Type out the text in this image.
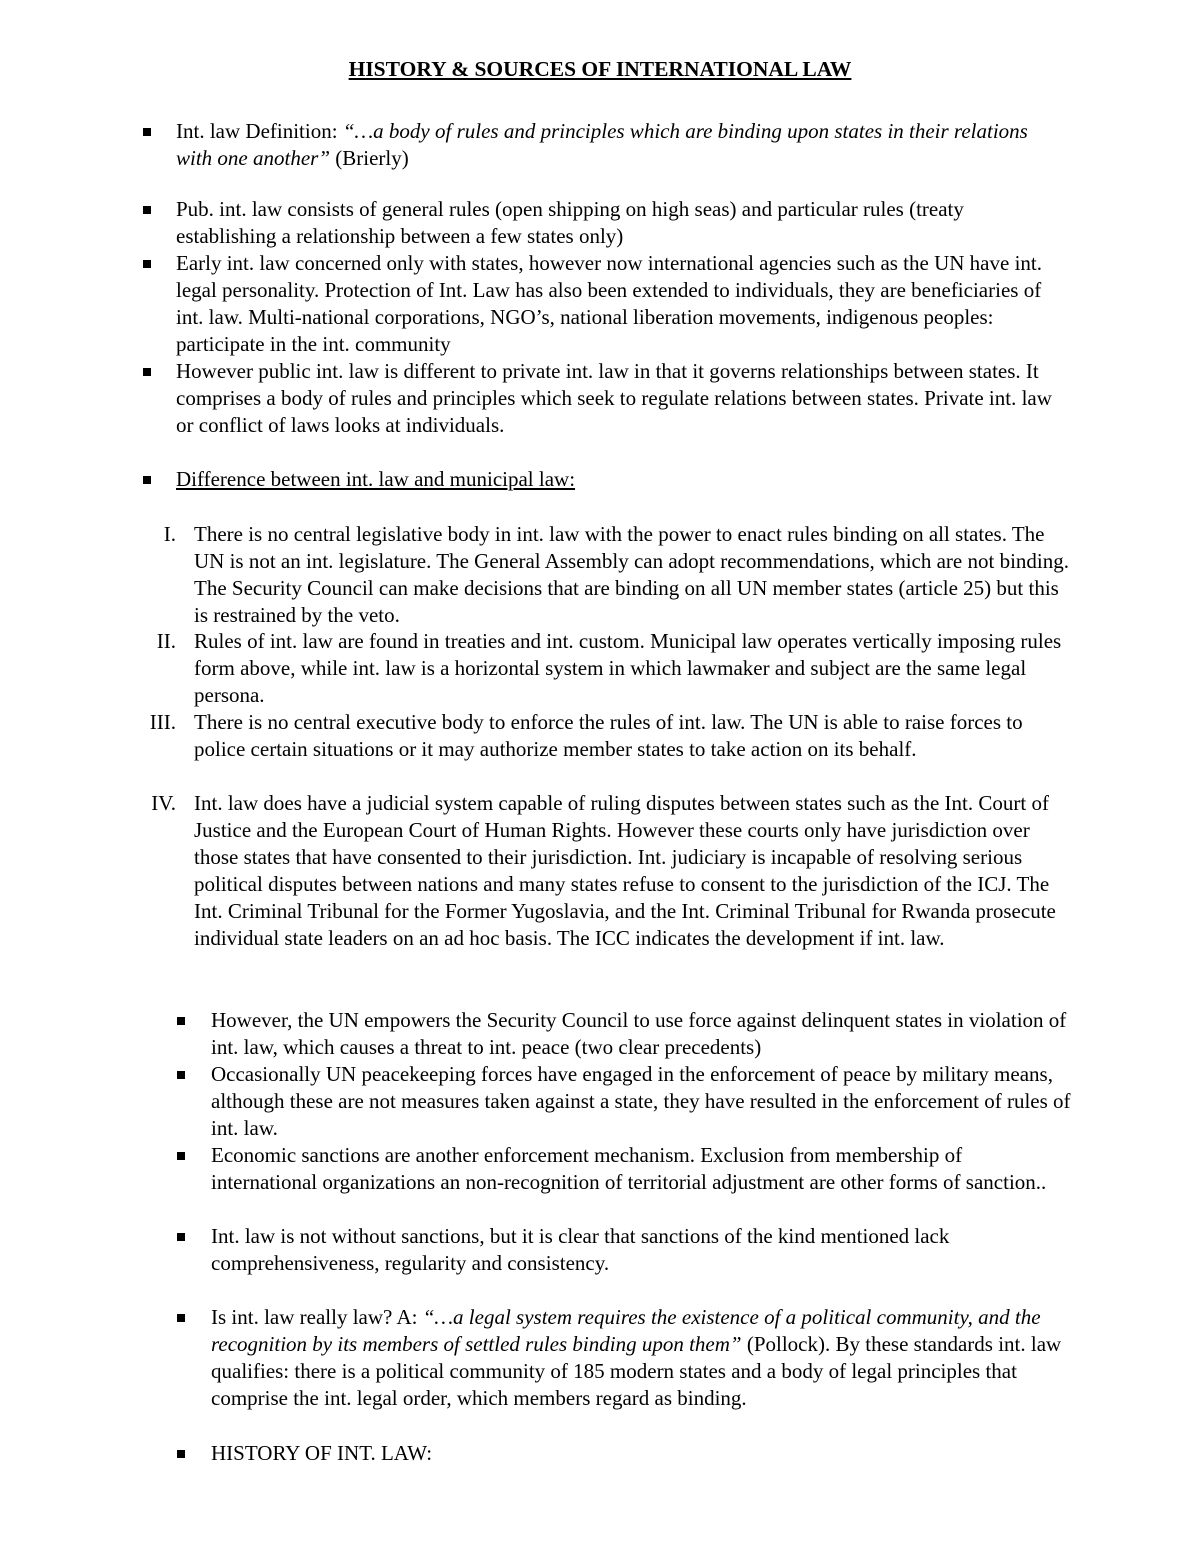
HISTORY & SOURCES OF INTERNATIONAL LAW
Int. law Definition: “…a body of rules and principles which are binding upon states in their relations with one another” (Brierly)
Pub. int. law consists of general rules (open shipping on high seas) and particular rules (treaty establishing a relationship between a few states only)
Early int. law concerned only with states, however now international agencies such as the UN have int. legal personality. Protection of Int. Law has also been extended to individuals, they are beneficiaries of int. law. Multi-national corporations, NGO’s, national liberation movements, indigenous peoples: participate in the int. community
However public int. law is different to private int. law in that it governs relationships between states. It comprises a body of rules and principles which seek to regulate relations between states. Private int. law or conflict of laws looks at individuals.
Difference between int. law and municipal law:
I. There is no central legislative body in int. law with the power to enact rules binding on all states. The UN is not an int. legislature. The General Assembly can adopt recommendations, which are not binding. The Security Council can make decisions that are binding on all UN member states (article 25) but this is restrained by the veto.
II. Rules of int. law are found in treaties and int. custom. Municipal law operates vertically imposing rules form above, while int. law is a horizontal system in which lawmaker and subject are the same legal persona.
III. There is no central executive body to enforce the rules of int. law. The UN is able to raise forces to police certain situations or it may authorize member states to take action on its behalf.
IV. Int. law does have a judicial system capable of ruling disputes between states such as the Int. Court of Justice and the European Court of Human Rights. However these courts only have jurisdiction over those states that have consented to their jurisdiction. Int. judiciary is incapable of resolving serious political disputes between nations and many states refuse to consent to the jurisdiction of the ICJ. The Int. Criminal Tribunal for the Former Yugoslavia, and the Int. Criminal Tribunal for Rwanda prosecute individual state leaders on an ad hoc basis. The ICC indicates the development if int. law.
However, the UN empowers the Security Council to use force against delinquent states in violation of int. law, which causes a threat to int. peace (two clear precedents)
Occasionally UN peacekeeping forces have engaged in the enforcement of peace by military means, although these are not measures taken against a state, they have resulted in the enforcement of rules of int. law.
Economic sanctions are another enforcement mechanism. Exclusion from membership of international organizations an non-recognition of territorial adjustment are other forms of sanction..
Int. law is not without sanctions, but it is clear that sanctions of the kind mentioned lack comprehensiveness, regularity and consistency.
Is int. law really law? A: “…a legal system requires the existence of a political community, and the recognition by its members of settled rules binding upon them” (Pollock). By these standards int. law qualifies: there is a political community of 185 modern states and a body of legal principles that comprise the int. legal order, which members regard as binding.
HISTORY OF INT. LAW:
